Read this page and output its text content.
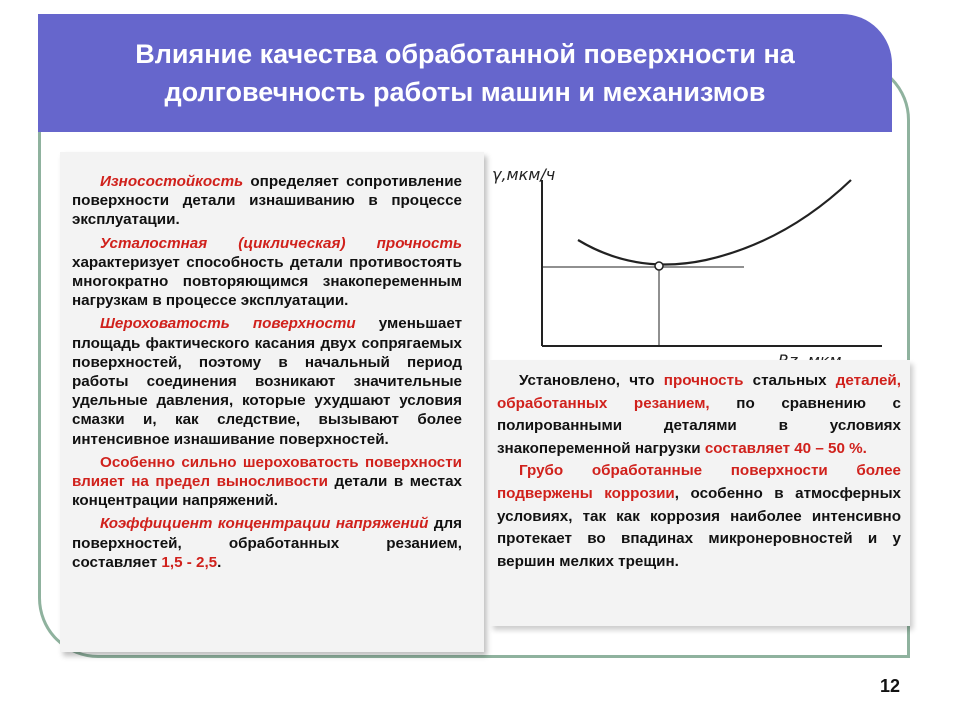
Влияние качества обработанной поверхности на
долговечность работы машин и механизмов

Износостойкость определяет сопротивление поверхности детали изнашиванию в процессе эксплуатации.

Усталостная (циклическая) прочность характеризует способность детали противостоять многократно повторяющимся знакопеременным нагрузкам в процессе эксплуатации.

Шероховатость поверхности уменьшает площадь фактического касания двух сопрягаемых поверхностей, поэтому в начальный период работы соединения возникают значительные удельные давления, которые ухудшают условия смазки и, как следствие, вызывают более интенсивное изнашивание поверхностей.

Особенно сильно шероховатость поверхности влияет на предел выносливости детали в местах концентрации напряжений.

Коэффициент концентрации напряжений для поверхностей, обработанных резанием, составляет 1,5 - 2,5.

γ,мкм/ч

Установлено, что прочность стальных деталей, обработанных резанием, по сравнению с полированными деталями в условиях знакопеременной нагрузки составляет 40 – 50 %.

Грубо обработанные поверхности более подвержены коррозии, особенно в атмосферных условиях, так как коррозия наиболее интенсивно протекает во впадинах микронеровностей и у вершин мелких трещин.

12
